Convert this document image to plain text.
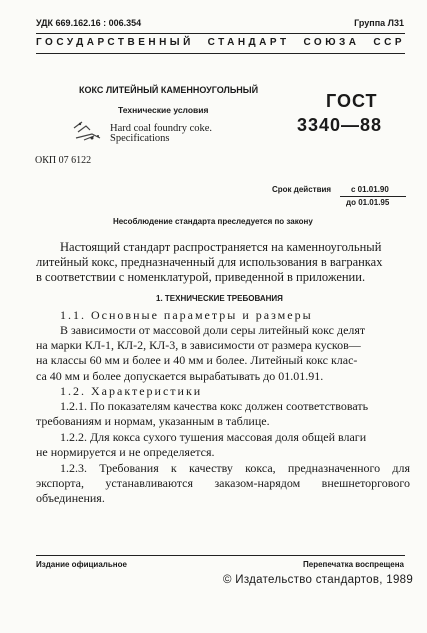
УДК 669.162.16 : 006.354	Группа Л31
ГОСУДАРСТВЕННЫЙ СТАНДАРТ СОЮЗА ССР
КОКС ЛИТЕЙНЫЙ КАМЕННОУГОЛЬНЫЙ
Технические условия
Hard coal foundry coke.
Specifications
ОКП 07 6122
ГОСТ
3340—88
Срок действия с 01.01.90
до 01.01.95
Несоблюдение стандарта преследуется по закону
Настоящий стандарт распространяется на каменноугольный
литейный кокс, предназначенный для использования в вагранках
в соответствии с номенклатурой, приведенной в приложении.
1. ТЕХНИЧЕСКИЕ ТРЕБОВАНИЯ
1.1. Основные параметры и размеры
В зависимости от массовой доли серы литейный кокс делят
на марки КЛ-1, КЛ-2, КЛ-3, в зависимости от размера кусков—
на классы 60 мм и более и 40 мм и более. Литейный кокс клас-
са 40 мм и более допускается вырабатывать до 01.01.91.
1.2. Характеристики
1.2.1. По показателям качества кокс должен соответствовать
требованиям и нормам, указанным в таблице.
1.2.2. Для кокса сухого тушения массовая доля общей влаги
не нормируется и не определяется.
1.2.3. Требования к качеству кокса, предназначенного для
экспорта, устанавливаются заказом-нарядом внешнеторгового
объединения.
Издание официальное	Перепечатка воспрещена
© Издательство стандартов, 1989
